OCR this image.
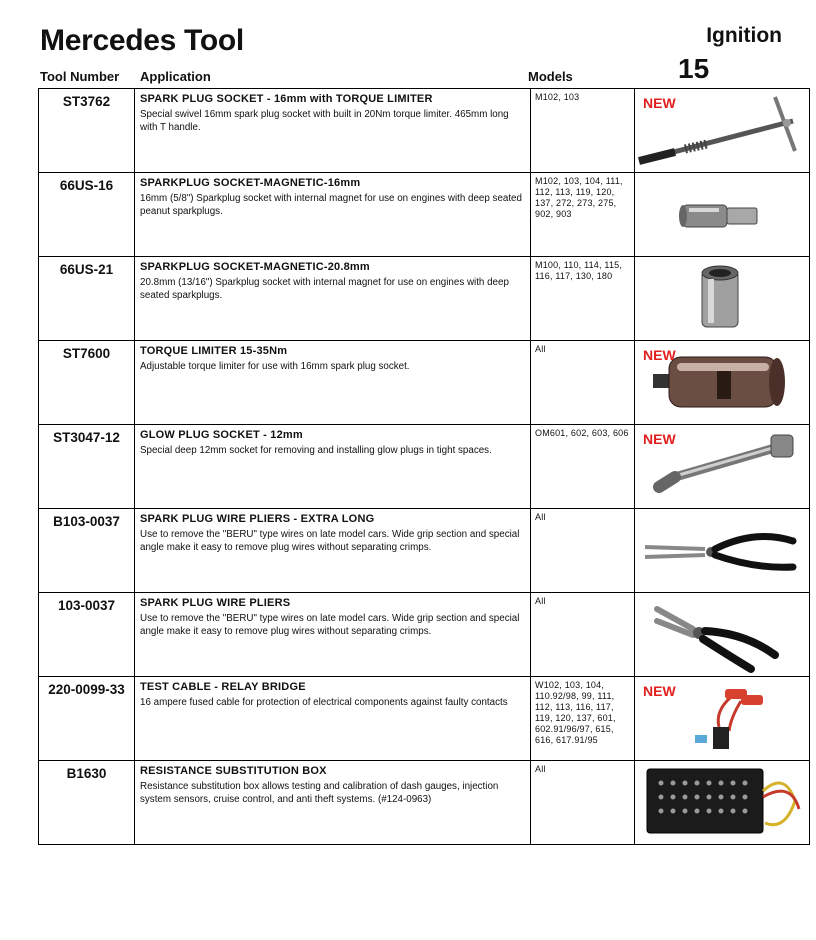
Mercedes Tool	Ignition
15
Tool Number Application	Models
ST3762	SPARK PLUG SOCKET - 16mm with TORQUE LIMITER
Special swivel 16mm spark plug socket with built in 20Nm torque limiter. 465mm long with T handle.	M102, 103	NEW

66US-16	SPARKPLUG SOCKET-MAGNETIC-16mm
16mm (5/8") Sparkplug socket with internal magnet for use on engines with deep seated peanut sparkplugs.	M102, 103, 104, 111, 112, 113, 119, 120, 137, 272, 273, 275, 902, 903	

66US-21	SPARKPLUG SOCKET-MAGNETIC-20.8mm
20.8mm (13/16") Sparkplug socket with internal magnet for use on engines with deep seated sparkplugs.	M100, 110, 114, 115, 116, 117, 130, 180	

ST7600	TORQUE LIMITER 15-35Nm
Adjustable torque limiter for use with 16mm spark plug socket.	All	NEW

ST3047-12	GLOW PLUG SOCKET - 12mm
Special deep 12mm socket for removing and installing glow plugs in tight spaces.	OM601, 602, 603, 606	NEW

B103-0037	SPARK PLUG WIRE PLIERS - EXTRA LONG
Use to remove the "BERU" type wires on late model cars. Wide grip section and special angle make it easy to remove plug wires without separating crimps.	All	

103-0037	SPARK PLUG WIRE PLIERS
Use to remove the "BERU" type wires on late model cars. Wide grip section and special angle make it easy to remove plug wires without separating crimps.	All	

220-0099-33	TEST CABLE - RELAY BRIDGE
16 ampere fused cable for protection of electrical components against faulty contacts	W102, 103, 104, 110.92/98, 99, 111, 112, 113, 116, 117, 119, 120, 137, 601, 602.91/96/97, 615, 616, 617.91/95	NEW

B1630	RESISTANCE SUBSTITUTION BOX
Resistance substitution box allows testing and calibration of dash gauges, injection system sensors, cruise control, and anti theft systems. (#124-0963)	All	
